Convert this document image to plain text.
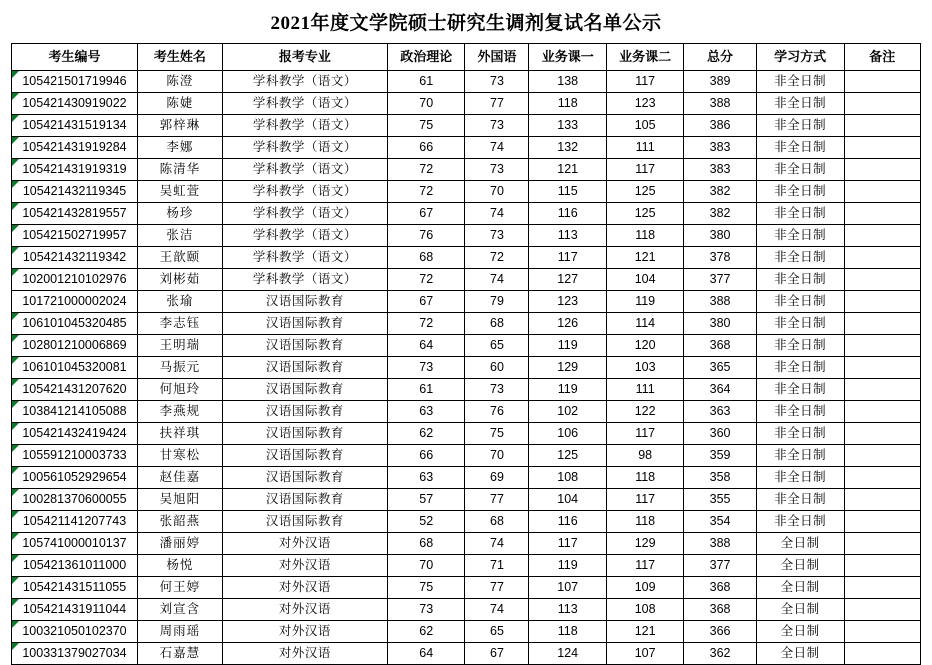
2021年度文学院硕士研究生调剂复试名单公示
考生编号	考生姓名	报考专业	政治理论	外国语	业务课一	业务课二	总分	学习方式	备注

105421501719946	陈澄	学科教学（语文）	61	73	138	117	389	非全日制	

105421430919022	陈婕	学科教学（语文）	70	77	118	123	388	非全日制	

105421431519134	郭梓琳	学科教学（语文）	75	73	133	105	386	非全日制	

105421431919284	李娜	学科教学（语文）	66	74	132	111	383	非全日制	

105421431919319	陈清华	学科教学（语文）	72	73	121	117	383	非全日制	

105421432119345	吴虹萱	学科教学（语文）	72	70	115	125	382	非全日制	

105421432819557	杨珍	学科教学（语文）	67	74	116	125	382	非全日制	

105421502719957	张洁	学科教学（语文）	76	73	113	118	380	非全日制	

105421432119342	王歆颐	学科教学（语文）	68	72	117	121	378	非全日制	

102001210102976	刘彬茹	学科教学（语文）	72	74	127	104	377	非全日制	
101721000002024	张瑜	汉语国际教育	67	79	123	119	388	非全日制	

106101045320485	李志钰	汉语国际教育	72	68	126	114	380	非全日制	

102801210006869	王明瑞	汉语国际教育	64	65	119	120	368	非全日制	

106101045320081	马振元	汉语国际教育	73	60	129	103	365	非全日制	

105421431207620	何旭玲	汉语国际教育	61	73	119	111	364	非全日制	

103841214105088	李燕规	汉语国际教育	63	76	102	122	363	非全日制	

105421432419424	扶祥琪	汉语国际教育	62	75	106	117	360	非全日制	

105591210003733	甘寒松	汉语国际教育	66	70	125	98	359	非全日制	

100561052929654	赵佳嘉	汉语国际教育	63	69	108	118	358	非全日制	

100281370600055	吴旭阳	汉语国际教育	57	77	104	117	355	非全日制	

105421141207743	张韶燕	汉语国际教育	52	68	116	118	354	非全日制	

105741000010137	潘丽婷	对外汉语	68	74	117	129	388	全日制	

105421361011000	杨悦	对外汉语	70	71	119	117	377	全日制	

105421431511055	何王婷	对外汉语	75	77	107	109	368	全日制	

105421431911044	刘宣含	对外汉语	73	74	113	108	368	全日制	

100321050102370	周雨瑶	对外汉语	62	65	118	121	366	全日制	

100331379027034	石嘉慧	对外汉语	64	67	124	107	362	全日制	
